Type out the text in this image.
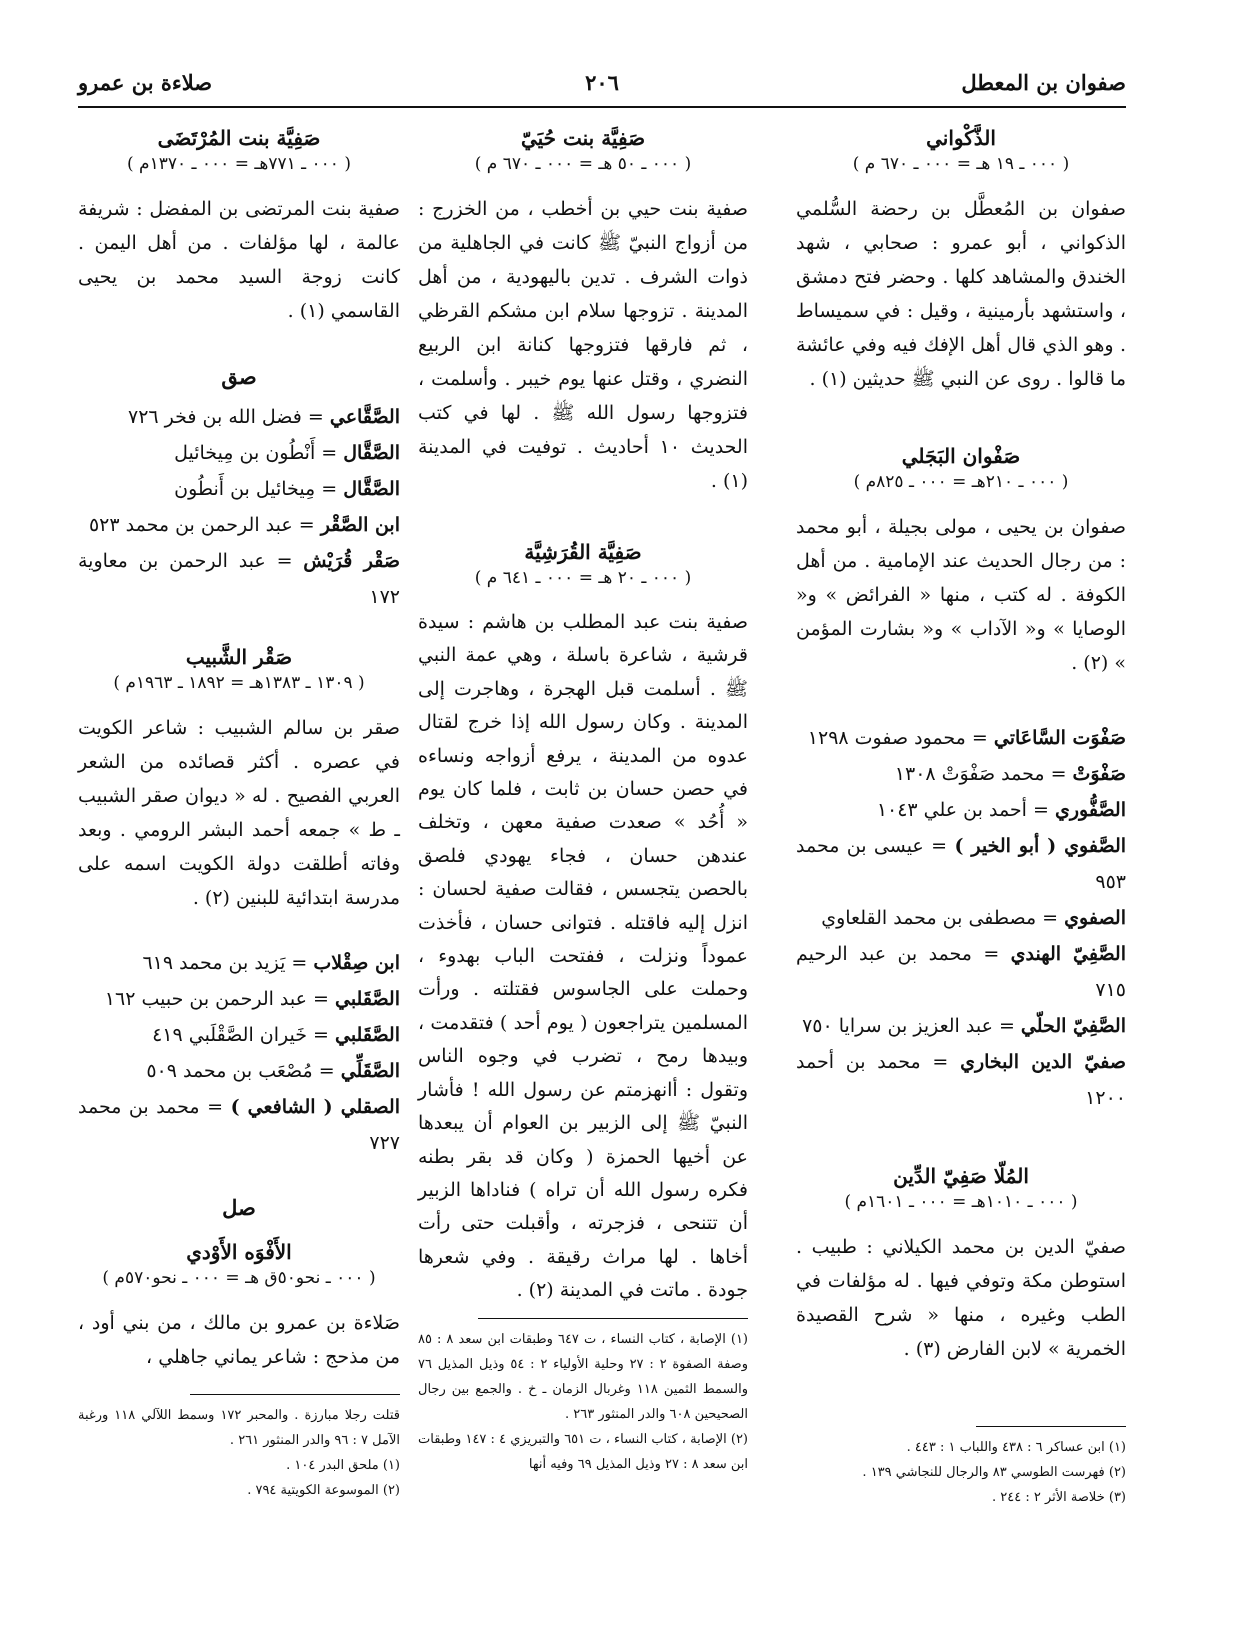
صفوان بن المعطل
٢٠٦
صلاءة بن عمرو
الذَّكْواني
( ٠٠٠ ـ ١٩ هـ = ٠٠٠ ـ ٦٧٠ م )

صفوان بن المُعطَّل بن رحضة السُّلمي الذكواني ، أبو عمرو : صحابي ، شهد الخندق والمشاهد كلها . وحضر فتح دمشق ، واستشهد بأرمينية ، وقيل : في سميساط . وهو الذي قال أهل الإفك فيه وفي عائشة ما قالوا . روى عن النبي ﷺ حديثين (١) .

صَفْوان البَجَلي
( ٠٠٠ ـ ٢١٠هـ = ٠٠٠ ـ ٨٢٥م )

صفوان بن يحيى ، مولى بجيلة ، أبو محمد : من رجال الحديث عند الإمامية . من أهل الكوفة . له كتب ، منها « الفرائض » و« الوصايا » و« الآداب » و« بشارت المؤمن » (٢) .

صَفْوَت السَّاعَاتي = محمود صفوت ١٢٩٨

صَفْوَتْ = محمد صَفْوَتْ ١٣٠٨

الصَّفُّوري = أحمد بن علي ١٠٤٣

الصَّفوي ( أبو الخير ) = عيسى بن محمد ٩٥٣

الصفوي = مصطفى بن محمد القلعاوي

الصَّفِيّ الهندي = محمد بن عبد الرحيم ٧١٥

الصَّفِيّ الحلّي = عبد العزيز بن سرايا ٧٥٠

صفيّ الدين البخاري = محمد بن أحمد ١٢٠٠

المُلّا صَفِيّ الدِّين
( ٠٠٠ ـ ١٠١٠هـ = ٠٠٠ ـ ١٦٠١م )

صفيّ الدين بن محمد الكيلاني : طبيب . استوطن مكة وتوفي فيها . له مؤلفات في الطب وغيره ، منها « شرح القصيدة الخمرية » لابن الفارض (٣) .

(١) ابن عساكر ٦ : ٤٣٨ واللباب ١ : ٤٤٣ .

(٢) فهرست الطوسي ٨٣ والرجال للنجاشي ١٣٩ .

(٣) خلاصة الأثر ٢ : ٢٤٤ .

صَفِيَّة بنت حُيَيّ
( ٠٠٠ ـ ٥٠ هـ = ٠٠٠ ـ ٦٧٠ م )

صفية بنت حيي بن أخطب ، من الخزرج : من أزواج النبيّ ﷺ كانت في الجاهلية من ذوات الشرف . تدين باليهودية ، من أهل المدينة . تزوجها سلام ابن مشكم القرظي ، ثم فارقها فتزوجها كنانة ابن الربيع النضري ، وقتل عنها يوم خيبر . وأسلمت ، فتزوجها رسول الله ﷺ . لها في كتب الحديث ١٠ أحاديث . توفيت في المدينة (١) .

صَفِيَّة القُرَشِيَّة
( ٠٠٠ ـ ٢٠ هـ = ٠٠٠ ـ ٦٤١ م )

صفية بنت عبد المطلب بن هاشم : سيدة قرشية ، شاعرة باسلة ، وهي عمة النبي ﷺ . أسلمت قبل الهجرة ، وهاجرت إلى المدينة . وكان رسول الله إذا خرج لقتال عدوه من المدينة ، يرفع أزواجه ونساءه في حصن حسان بن ثابت ، فلما كان يوم « أُحُد » صعدت صفية معهن ، وتخلف عندهن حسان ، فجاء يهودي فلصق بالحصن يتجسس ، فقالت صفية لحسان : انزل إليه فاقتله . فتوانى حسان ، فأخذت عموداً ونزلت ، ففتحت الباب بهدوء ، وحملت على الجاسوس فقتلته . ورأت المسلمين يتراجعون ( يوم أحد ) فتقدمت ، وبيدها رمح ، تضرب في وجوه الناس وتقول : أانهزمتم عن رسول الله ! فأشار النبيّ ﷺ إلى الزبير بن العوام أن يبعدها عن أخيها الحمزة ( وكان قد بقر بطنه فكره رسول الله أن تراه ) فناداها الزبير أن تتنحى ، فزجرته ، وأقبلت حتى رأت أخاها . لها مراث رقيقة . وفي شعرها جودة . ماتت في المدينة (٢) .

(١) الإصابة ، كتاب النساء ، ت ٦٤٧ وطبقات ابن سعد ٨ : ٨٥ وصفة الصفوة ٢ : ٢٧ وحلية الأولياء ٢ : ٥٤ وذيل المذيل ٧٦ والسمط الثمين ١١٨ وغربال الزمان ـ خ . والجمع بين رجال الصحيحين ٦٠٨ والدر المنثور ٢٦٣ .

(٢) الإصابة ، كتاب النساء ، ت ٦٥١ والتبريزي ٤ : ١٤٧ وطبقات ابن سعد ٨ : ٢٧ وذيل المذيل ٦٩ وفيه أنها

صَفِيَّة بنت المُرْتَضَى
( ٠٠٠ ـ ٧٧١هـ = ٠٠٠ ـ ١٣٧٠م )

صفية بنت المرتضى بن المفضل : شريفة عالمة ، لها مؤلفات . من أهل اليمن . كانت زوجة السيد محمد بن يحيى القاسمي (١) .

صق

الصَّقَّاعي = فضل الله بن فخر ٧٢٦

الصَّقَّال = أَنْطُون بن مِيخائيل

الصَّقَّال = مِيخائيل بن أَنطُون

ابن الصَّقْر = عبد الرحمن بن محمد ٥٢٣

صَقْر قُرَيْش = عبد الرحمن بن معاوية ١٧٢

صَقْر الشَّبيب
( ١٣٠٩ ـ ١٣٨٣هـ = ١٨٩٢ ـ ١٩٦٣م )

صقر بن سالم الشبيب : شاعر الكويت في عصره . أكثر قصائده من الشعر العربي الفصيح . له « ديوان صقر الشبيب ـ ط » جمعه أحمد البشر الرومي . وبعد وفاته أطلقت دولة الكويت اسمه على مدرسة ابتدائية للبنين (٢) .

ابن صِقْلاب = يَزيد بن محمد ٦١٩

الصَّقَلبي = عبد الرحمن بن حبيب ١٦٢

الصَّقَلبي = خَيران الصَّقْلَبي ٤١٩

الصَّقَلِّي = مُصْعَب بن محمد ٥٠٩

الصقلي ( الشافعي ) = محمد بن محمد ٧٢٧

صل
الأَفْوَه الأَوْدي
( ٠٠٠ ـ نحو٥٠ق هـ = ٠٠٠ ـ نحو٥٧٠م )

صَلاءة بن عمرو بن مالك ، من بني أود ، من مذحج : شاعر يماني جاهلي ،

قتلت رجلا مبارزة . والمحبر ١٧٢ وسمط اللآلي ١١٨ ورغبة الآمل ٧ : ٩٦ والدر المنثور ٢٦١ .

(١) ملحق البدر ١٠٤ .

(٢) الموسوعة الكويتية ٧٩٤ .
